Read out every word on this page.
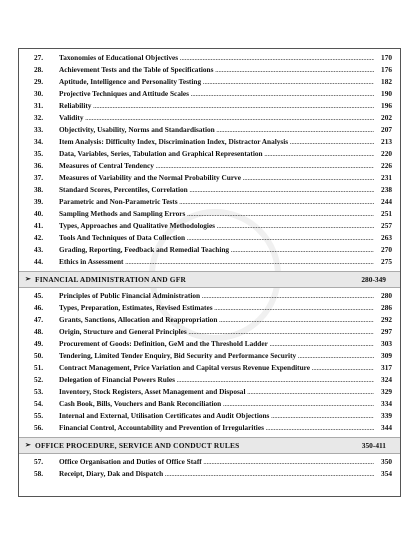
27. Taxonomies of Educational Objectives .....	170
28. Achievement Tests and the Table of Specifications .....	176
29. Aptitude, Intelligence and Personality Testing .....	182
30. Projective Techniques and Attitude Scales .....	190
31. Reliability .....	196
32. Validity .....	202
33. Objectivity, Usability, Norms and Standardisation .....	207
34. Item Analysis: Difficulty Index, Discrimination Index, Distractor Analysis .....	213
35. Data, Variables, Series, Tabulation and Graphical Representation .....	220
36. Measures of Central Tendency .....	226
37. Measures of Variability and the Normal Probability Curve .....	231
38. Standard Scores, Percentiles, Correlation .....	238
39. Parametric and Non-Parametric Tests .....	244
40. Sampling Methods and Sampling Errors .....	251
41. Types, Approaches and Qualitative Methodologies .....	257
42. Tools And Techniques of Data Collection .....	263
43. Grading, Reporting, Feedback and Remedial Teaching .....	270
44. Ethics in Assessment .....	275
➢ FINANCIAL ADMINISTRATION AND GFR	280-349
45. Principles of Public Financial Administration .....	280
46. Types, Preparation, Estimates, Revised Estimates .....	286
47. Grants, Sanctions, Allocation and Reappropriation .....	292
48. Origin, Structure and General Principles .....	297
49. Procurement of Goods: Definition, GeM and the Threshold Ladder .....	303
50. Tendering, Limited Tender Enquiry, Bid Security and Performance Security .....	309
51. Contract Management, Price Variation and Capital versus Revenue Expenditure .....	317
52. Delegation of Financial Powers Rules .....	324
53. Inventory, Stock Registers, Asset Management and Disposal .....	329
54. Cash Book, Bills, Vouchers and Bank Reconciliation .....	334
55. Internal and External, Utilisation Certificates and Audit Objections .....	339
56. Financial Control, Accountability and Prevention of Irregularities .....	344
➢ OFFICE PROCEDURE, SERVICE AND CONDUCT RULES	350-411
57. Office Organisation and Duties of Office Staff .....	350
58. Receipt, Diary, Dak and Dispatch .....	354
